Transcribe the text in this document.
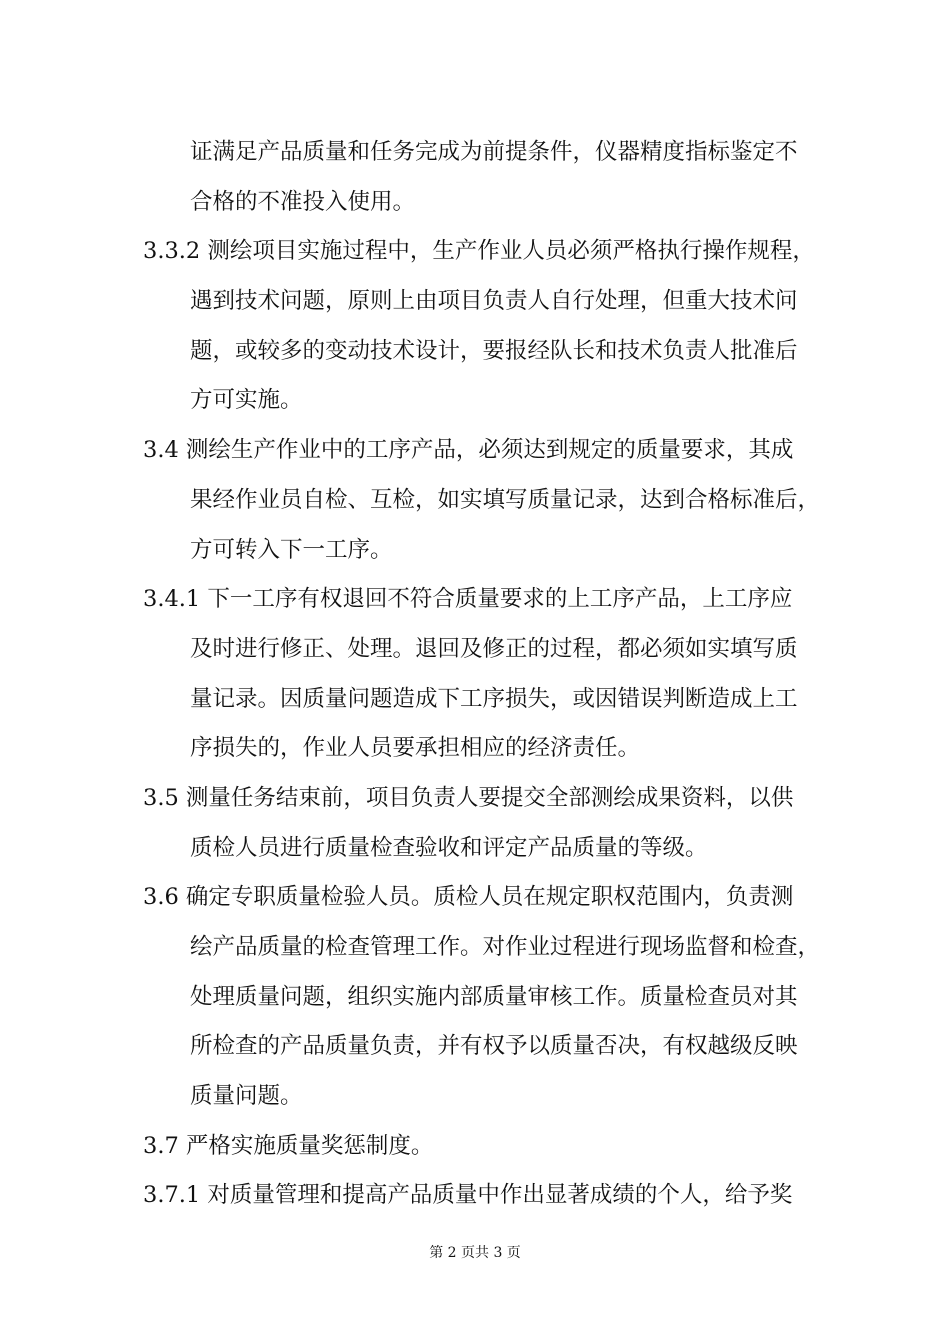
证满足产品质量和任务完成为前提条件，仪器精度指标鉴定不
合格的不准投入使用。
3.3.2 测绘项目实施过程中，生产作业人员必须严格执行操作规程，
遇到技术问题，原则上由项目负责人自行处理，但重大技术问
题，或较多的变动技术设计，要报经队长和技术负责人批准后
方可实施。
3.4 测绘生产作业中的工序产品，必须达到规定的质量要求，其成
果经作业员自检、互检，如实填写质量记录，达到合格标准后，
方可转入下一工序。
3.4.1 下一工序有权退回不符合质量要求的上工序产品，上工序应
及时进行修正、处理。退回及修正的过程，都必须如实填写质
量记录。因质量问题造成下工序损失，或因错误判断造成上工
序损失的，作业人员要承担相应的经济责任。
3.5 测量任务结束前，项目负责人要提交全部测绘成果资料，以供
质检人员进行质量检查验收和评定产品质量的等级。
3.6 确定专职质量检验人员。质检人员在规定职权范围内，负责测
绘产品质量的检查管理工作。对作业过程进行现场监督和检查，
处理质量问题，组织实施内部质量审核工作。质量检查员对其
所检查的产品质量负责，并有权予以质量否决，有权越级反映
质量问题。
3.7 严格实施质量奖惩制度。
3.7.1 对质量管理和提高产品质量中作出显著成绩的个人，给予奖
第 2 页共 3 页
